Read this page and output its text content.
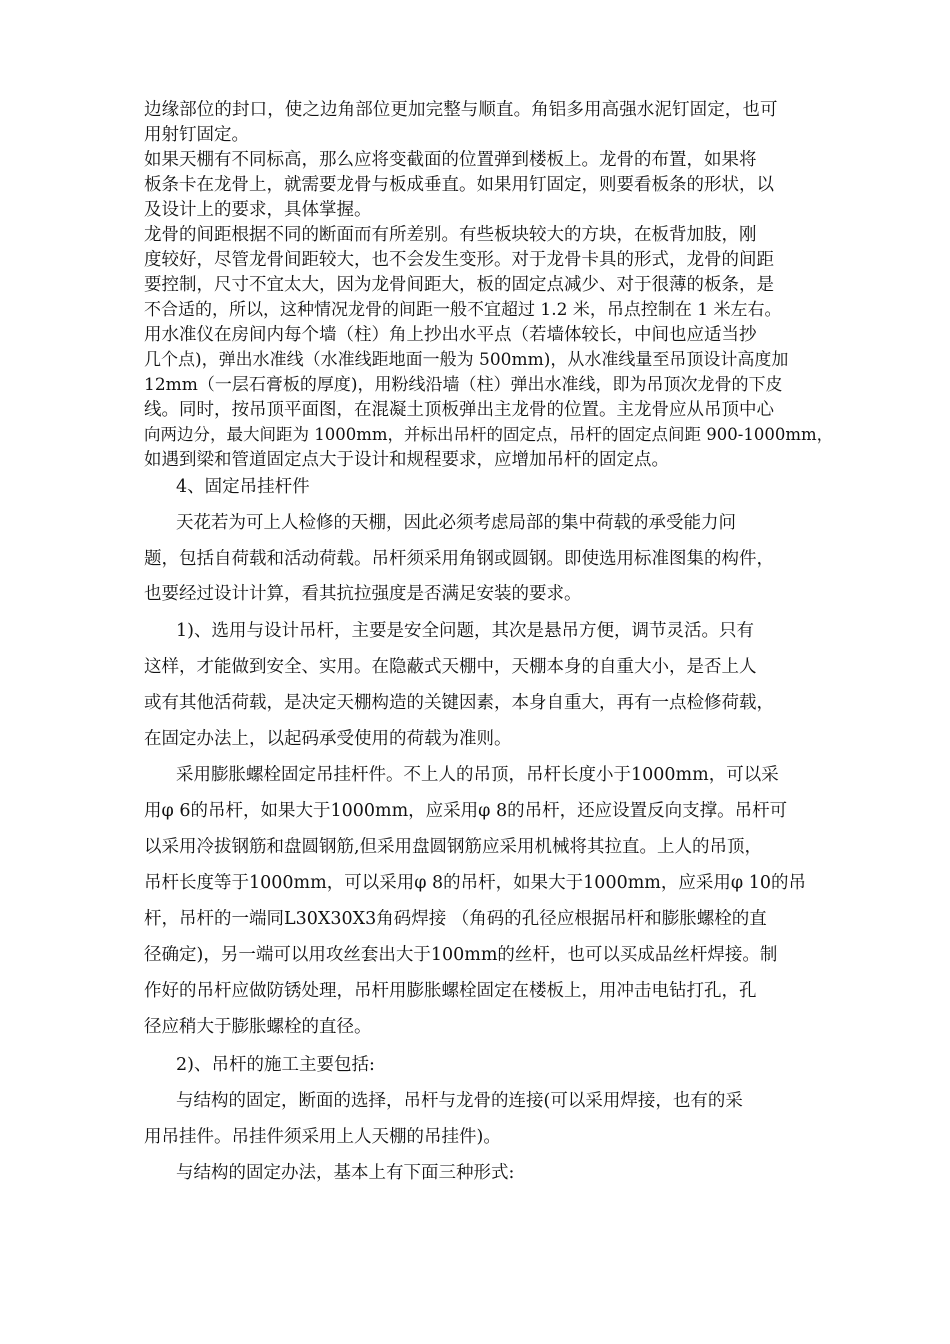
边缘部位的封口，使之边角部位更加完整与顺直。角铝多用高强水泥钉固定，也可
用射钉固定。
如果天棚有不同标高，那么应将变截面的位置弹到楼板上。龙骨的布置，如果将
板条卡在龙骨上，就需要龙骨与板成垂直。如果用钉固定，则要看板条的形状，以
及设计上的要求，具体掌握。
龙骨的间距根据不同的断面而有所差别。有些板块较大的方块，在板背加肢，刚
度较好，尽管龙骨间距较大，也不会发生变形。对于龙骨卡具的形式，龙骨的间距
要控制，尺寸不宜太大，因为龙骨间距大，板的固定点减少、对于很薄的板条，是
不合适的，所以，这种情况龙骨的间距一般不宜超过 1.2 米，吊点控制在 1 米左右。
用水准仪在房间内每个墙（柱）角上抄出水平点（若墙体较长，中间也应适当抄
几个点)，弹出水准线（水准线距地面一般为 500mm)，从水准线量至吊顶设计高度加
12mm（一层石膏板的厚度)，用粉线沿墙（柱）弹出水准线，即为吊顶次龙骨的下皮
线。同时，按吊顶平面图，在混凝土顶板弹出主龙骨的位置。主龙骨应从吊顶中心
向两边分，最大间距为 1000mm，并标出吊杆的固定点，吊杆的固定点间距 900-1000mm，
如遇到梁和管道固定点大于设计和规程要求，应增加吊杆的固定点。
4、固定吊挂杆件
天花若为可上人检修的天棚，因此必须考虑局部的集中荷载的承受能力问
题，包括自荷载和活动荷载。吊杆须采用角钢或圆钢。即使选用标准图集的构件，
也要经过设计计算，看其抗拉强度是否满足安装的要求。
1)、选用与设计吊杆，主要是安全问题，其次是悬吊方便，调节灵活。只有
这样，才能做到安全、实用。在隐蔽式天棚中，天棚本身的自重大小，是否上人
或有其他活荷载，是决定天棚构造的关键因素，本身自重大，再有一点检修荷载，
在固定办法上，以起码承受使用的荷载为准则。
采用膨胀螺栓固定吊挂杆件。不上人的吊顶，吊杆长度小于1000mm，可以采
用φ 6的吊杆，如果大于1000mm，应采用φ 8的吊杆，还应设置反向支撑。吊杆可
以采用冷拔钢筋和盘圆钢筋,但采用盘圆钢筋应采用机械将其拉直。上人的吊顶，
吊杆长度等于1000mm，可以采用φ 8的吊杆，如果大于1000mm，应采用φ 10的吊
杆，吊杆的一端同L30X30X3角码焊接 （角码的孔径应根据吊杆和膨胀螺栓的直
径确定)，另一端可以用攻丝套出大于100mm的丝杆，也可以买成品丝杆焊接。制
作好的吊杆应做防锈处理，吊杆用膨胀螺栓固定在楼板上，用冲击电钻打孔，孔
径应稍大于膨胀螺栓的直径。
2)、吊杆的施工主要包括:
与结构的固定，断面的选择，吊杆与龙骨的连接(可以采用焊接，也有的采
用吊挂件。吊挂件须采用上人天棚的吊挂件)。
与结构的固定办法，基本上有下面三种形式:
